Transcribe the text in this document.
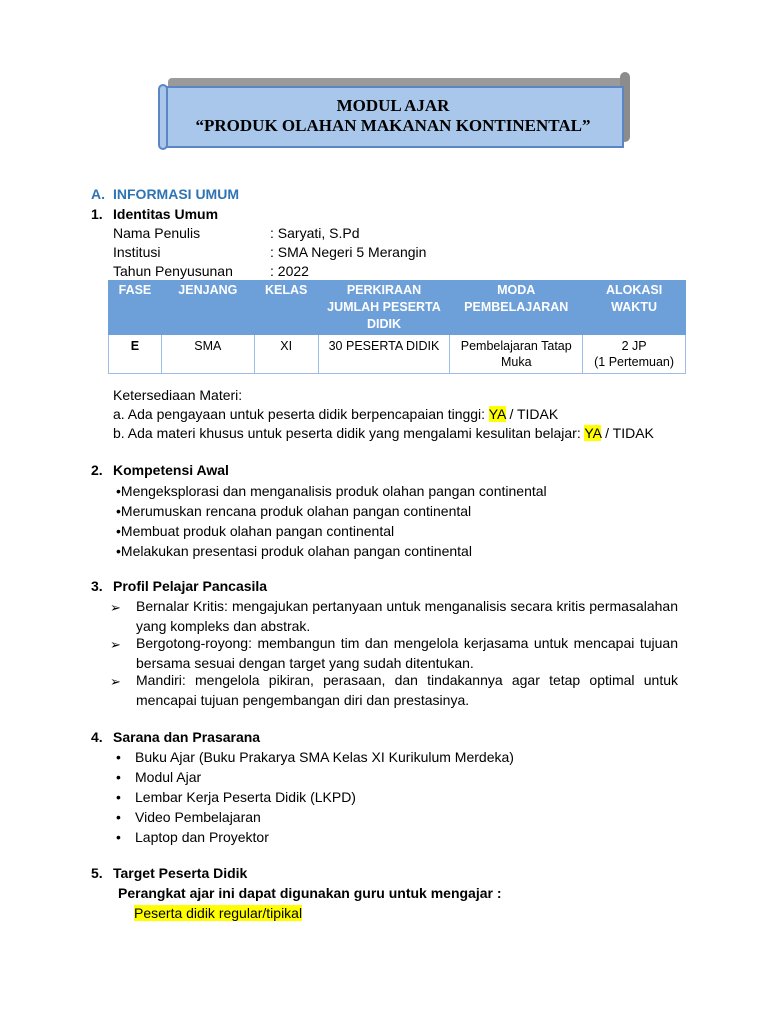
MODUL AJAR
“PRODUK OLAHAN MAKANAN KONTINENTAL”
A. INFORMASI UMUM
1. Identitas Umum
Nama Penulis	: Saryati, S.Pd
Institusi	: SMA Negeri 5 Merangin
Tahun Penyusunan	: 2022
FASE	JENJANG	KELAS	PERKIRAAN JUMLAH PESERTA DIDIK	MODA PEMBELAJARAN	ALOKASI WAKTU
E	SMA	XI	30 PESERTA DIDIK	Pembelajaran Tatap Muka	2 JP
(1 Pertemuan)
Ketersediaan Materi:
a. Ada pengayaan untuk peserta didik berpencapaian tinggi: YA / TIDAK
b. Ada materi khusus untuk peserta didik yang mengalami kesulitan belajar: YA / TIDAK
2. Kompetensi Awal
•Mengeksplorasi dan menganalisis produk olahan pangan continental
•Merumuskan rencana produk olahan pangan continental
•Membuat produk olahan pangan continental
•Melakukan presentasi produk olahan pangan continental
3. Profil Pelajar Pancasila
➢ Bernalar Kritis: mengajukan pertanyaan untuk menganalisis secara kritis permasalahan yang kompleks dan abstrak.
➢ Bergotong-royong: membangun tim dan mengelola kerjasama untuk mencapai tujuan bersama sesuai dengan target yang sudah ditentukan.
➢ Mandiri: mengelola pikiran, perasaan, dan tindakannya agar tetap optimal untuk mencapai tujuan pengembangan diri dan prestasinya.
4. Sarana dan Prasarana
• Buku Ajar (Buku Prakarya SMA Kelas XI Kurikulum Merdeka)
• Modul Ajar
• Lembar Kerja Peserta Didik (LKPD)
• Video Pembelajaran
• Laptop dan Proyektor
5. Target Peserta Didik
Perangkat ajar ini dapat digunakan guru untuk mengajar :
Peserta didik regular/tipikal
